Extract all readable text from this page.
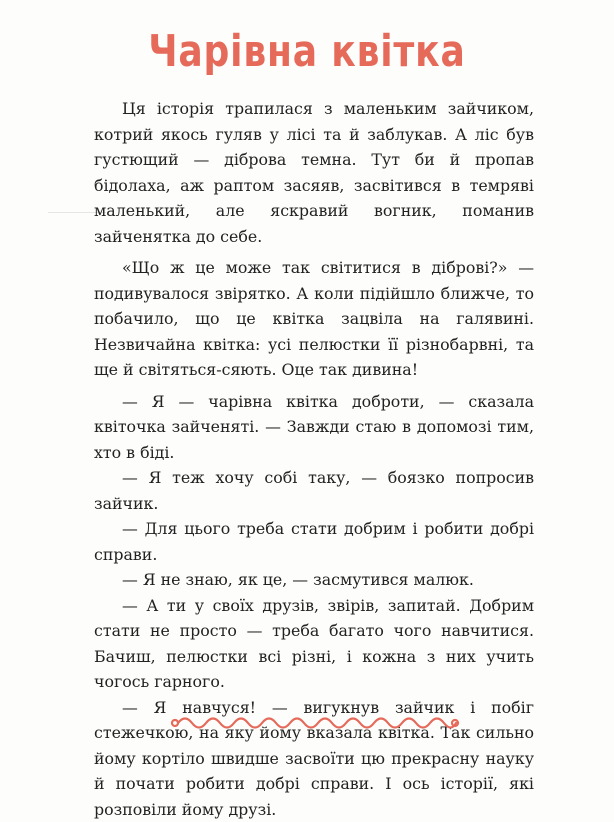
Чарівна квітка

Ця історія трапилася з маленьким зайчиком, котрий якось гуляв у лісі та й заблукав. А ліс був густющий — діброва темна. Тут би й пропав бідолаха, аж раптом засяяв, засвітився в темряві маленький, але яскравий вогник, поманив зайченятка до себе.

«Що ж це може так світитися в діброві?» — подивувалося звірятко. А коли підійшло ближче, то побачило, що це квітка зацвіла на галявині. Незвичайна квітка: усі пелюстки її різнобарвні, та ще й світяться-сяють. Оце так дивина!

— Я — чарівна квітка доброти, — сказала квіточка зайченяті. — Завжди стаю в допомозі тим, хто в біді.

— Я теж хочу собі таку, — боязко попросив зайчик.

— Для цього треба стати добрим і робити добрі справи.

— Я не знаю, як це, — засмутився малюк.

— А ти у своїх друзів, звірів, запитай. Добрим стати не просто — треба багато чого навчитися. Бачиш, пелюстки всі різні, і кожна з них учить чогось гарного.

— Я навчуся! — вигукнув зайчик і побіг стежечкою, на яку йому вказала квітка. Так сильно йому кортіло швидше засвоїти цю прекрасну науку й почати робити добрі справи. І ось історії, які розповіли йому друзі.
